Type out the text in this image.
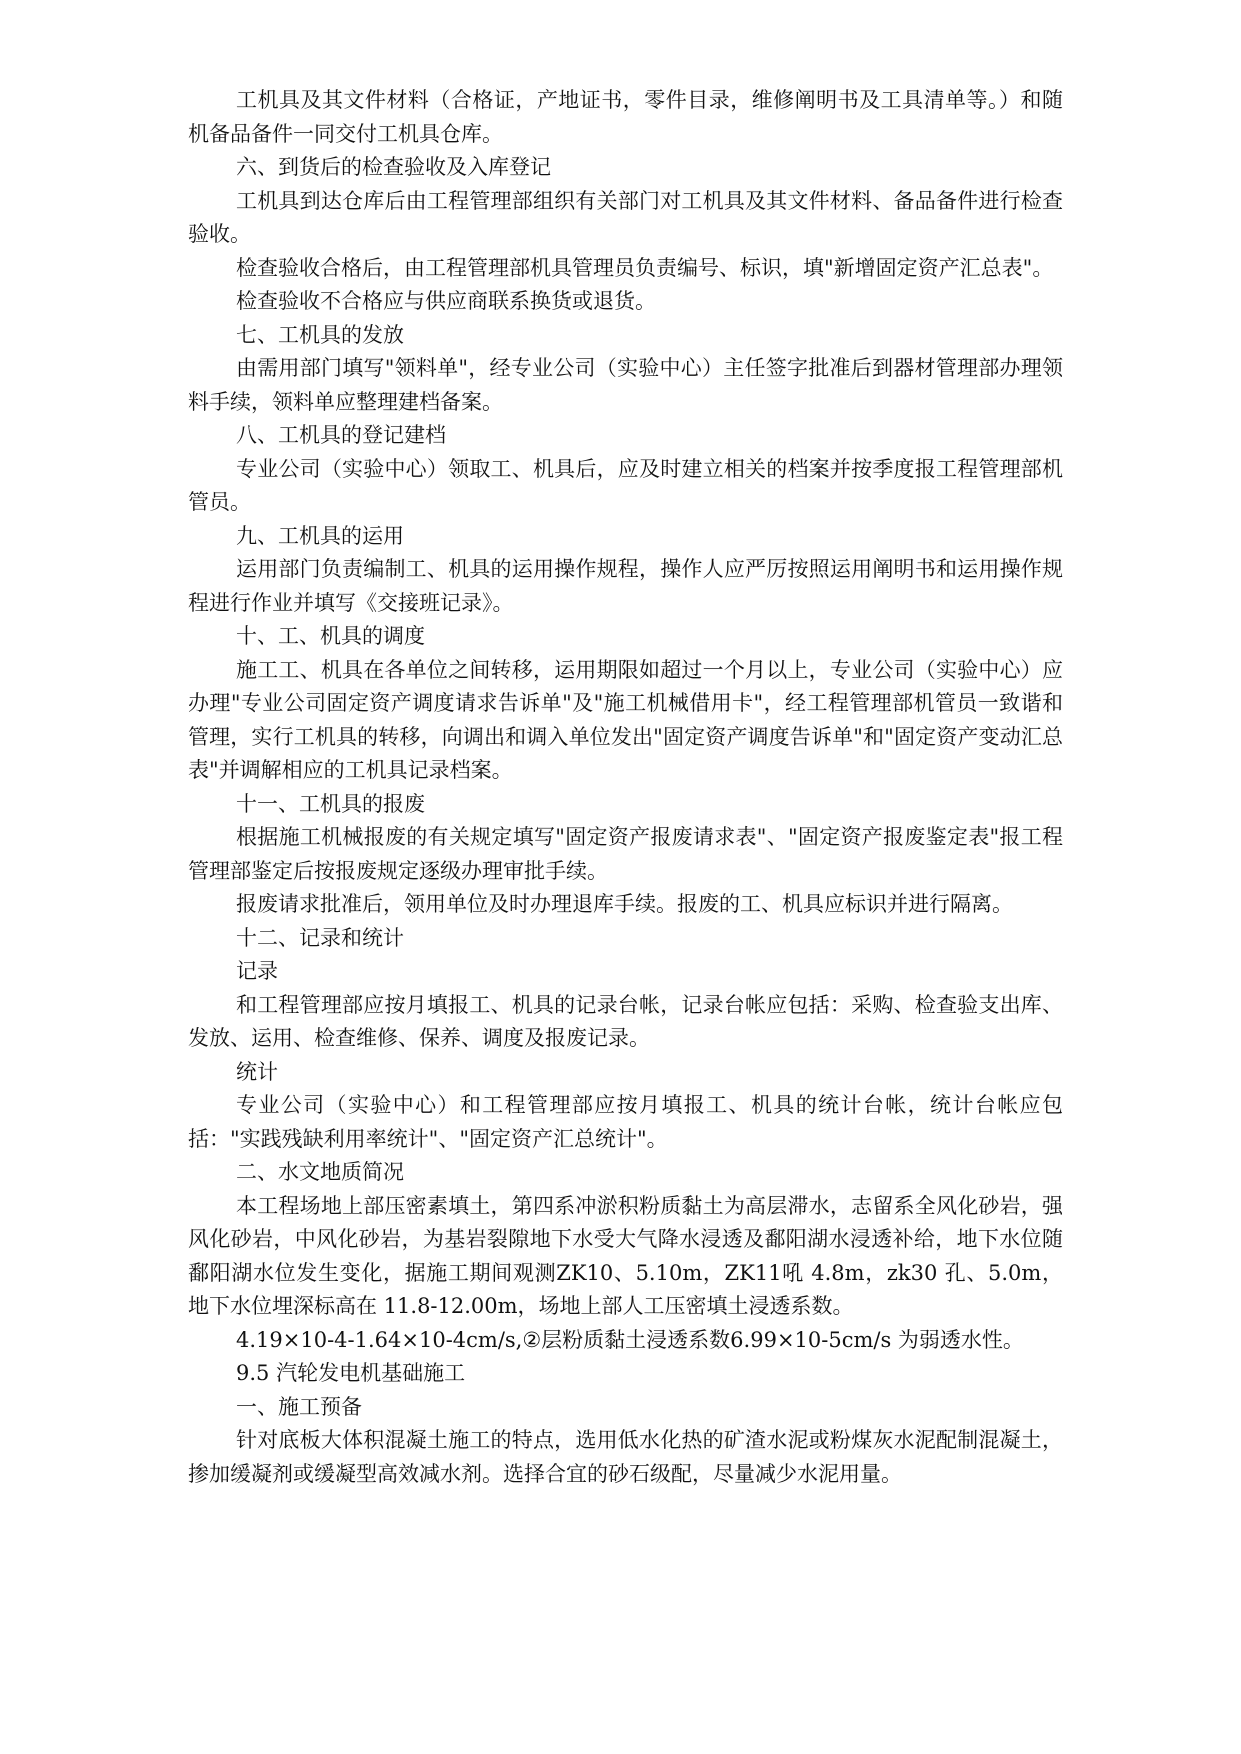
工机具及其文件材料（合格证，产地证书，零件目录，维修阐明书及工具清单等。）和随机备品备件一同交付工机具仓库。

六、到货后的检查验收及入库登记

工机具到达仓库后由工程管理部组织有关部门对工机具及其文件材料、备品备件进行检查验收。

检查验收合格后，由工程管理部机具管理员负责编号、标识，填"新增固定资产汇总表"。

检查验收不合格应与供应商联系换货或退货。

七、工机具的发放

由需用部门填写"领料单"，经专业公司（实验中心）主任签字批准后到器材管理部办理领料手续，领料单应整理建档备案。

八、工机具的登记建档

专业公司（实验中心）领取工、机具后，应及时建立相关的档案并按季度报工程管理部机管员。

九、工机具的运用

运用部门负责编制工、机具的运用操作规程，操作人应严厉按照运用阐明书和运用操作规程进行作业并填写《交接班记录》。

十、工、机具的调度

施工工、机具在各单位之间转移，运用期限如超过一个月以上，专业公司（实验中心）应办理"专业公司固定资产调度请求告诉单"及"施工机械借用卡"，经工程管理部机管员一致谐和管理，实行工机具的转移，向调出和调入单位发出"固定资产调度告诉单"和"固定资产变动汇总表"并调解相应的工机具记录档案。

十一、工机具的报废

根据施工机械报废的有关规定填写"固定资产报废请求表"、"固定资产报废鉴定表"报工程管理部鉴定后按报废规定逐级办理审批手续。

报废请求批准后，领用单位及时办理退库手续。报废的工、机具应标识并进行隔离。

十二、记录和统计

记录

和工程管理部应按月填报工、机具的记录台帐，记录台帐应包括：采购、检查验支出库、发放、运用、检查维修、保养、调度及报废记录。

统计

专业公司（实验中心）和工程管理部应按月填报工、机具的统计台帐，统计台帐应包括："实践残缺利用率统计"、"固定资产汇总统计"。

二、水文地质简况

本工程场地上部压密素填土，第四系冲淤积粉质黏土为高层滞水，志留系全风化砂岩，强风化砂岩，中风化砂岩，为基岩裂隙地下水受大气降水浸透及鄱阳湖水浸透补给，地下水位随鄱阳湖水位发生变化，据施工期间观测ZK10、5.10m，ZK11吼 4.8m，zk30 孔、5.0m，地下水位埋深标高在 11.8-12.00m，场地上部人工压密填土浸透系数。

4.19×10-4-1.64×10-4cm/s,②层粉质黏土浸透系数6.99×10-5cm/s 为弱透水性。

9.5 汽轮发电机基础施工

一、施工预备

针对底板大体积混凝土施工的特点，选用低水化热的矿渣水泥或粉煤灰水泥配制混凝土，掺加缓凝剂或缓凝型高效减水剂。选择合宜的砂石级配，尽量减少水泥用量。
